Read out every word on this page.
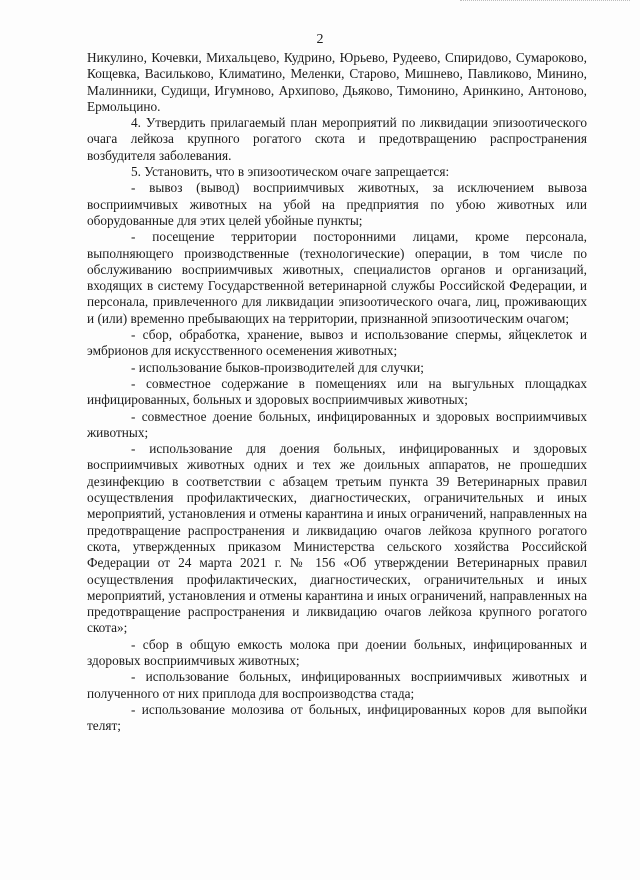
2

Никулино, Кочевки, Михальцево, Кудрино, Юрьево, Рудеево, Спиридово, Сумароково, Кощевка, Васильково, Климатино, Меленки, Старово, Мишнево, Павликово, Минино, Малинники, Судищи, Игумново, Архипово, Дьяково, Тимонино, Аринкино, Антоново, Ермольцино.

4. Утвердить прилагаемый план мероприятий по ликвидации эпизоотического очага лейкоза крупного рогатого скота и предотвращению распространения возбудителя заболевания.

5. Установить, что в эпизоотическом очаге запрещается:

- вывоз (вывод) восприимчивых животных, за исключением вывоза восприимчивых животных на убой на предприятия по убою животных или оборудованные для этих целей убойные пункты;

- посещение территории посторонними лицами, кроме персонала, выполняющего производственные (технологические) операции, в том числе по обслуживанию восприимчивых животных, специалистов органов и организаций, входящих в систему Государственной ветеринарной службы Российской Федерации, и персонала, привлеченного для ликвидации эпизоотического очага, лиц, проживающих и (или) временно пребывающих на территории, признанной эпизоотическим очагом;

- сбор, обработка, хранение, вывоз и использование спермы, яйцеклеток и эмбрионов для искусственного осеменения животных;

- использование быков-производителей для случки;

- совместное содержание в помещениях или на выгульных площадках инфицированных, больных и здоровых восприимчивых животных;

- совместное доение больных, инфицированных и здоровых восприимчивых животных;

- использование для доения больных, инфицированных и здоровых восприимчивых животных одних и тех же доильных аппаратов, не прошедших дезинфекцию в соответствии с абзацем третьим пункта 39 Ветеринарных правил осуществления профилактических, диагностических, ограничительных и иных мероприятий, установления и отмены карантина и иных ограничений, направленных на предотвращение распространения и ликвидацию очагов лейкоза крупного рогатого скота, утвержденных приказом Министерства сельского хозяйства Российской Федерации от 24 марта 2021 г. № 156 «Об утверждении Ветеринарных правил осуществления профилактических, диагностических, ограничительных и иных мероприятий, установления и отмены карантина и иных ограничений, направленных на предотвращение распространения и ликвидацию очагов лейкоза крупного рогатого скота»;

- сбор в общую емкость молока при доении больных, инфицированных и здоровых восприимчивых животных;

- использование больных, инфицированных восприимчивых животных и полученного от них приплода для воспроизводства стада;

- использование молозива от больных, инфицированных коров для выпойки телят;
